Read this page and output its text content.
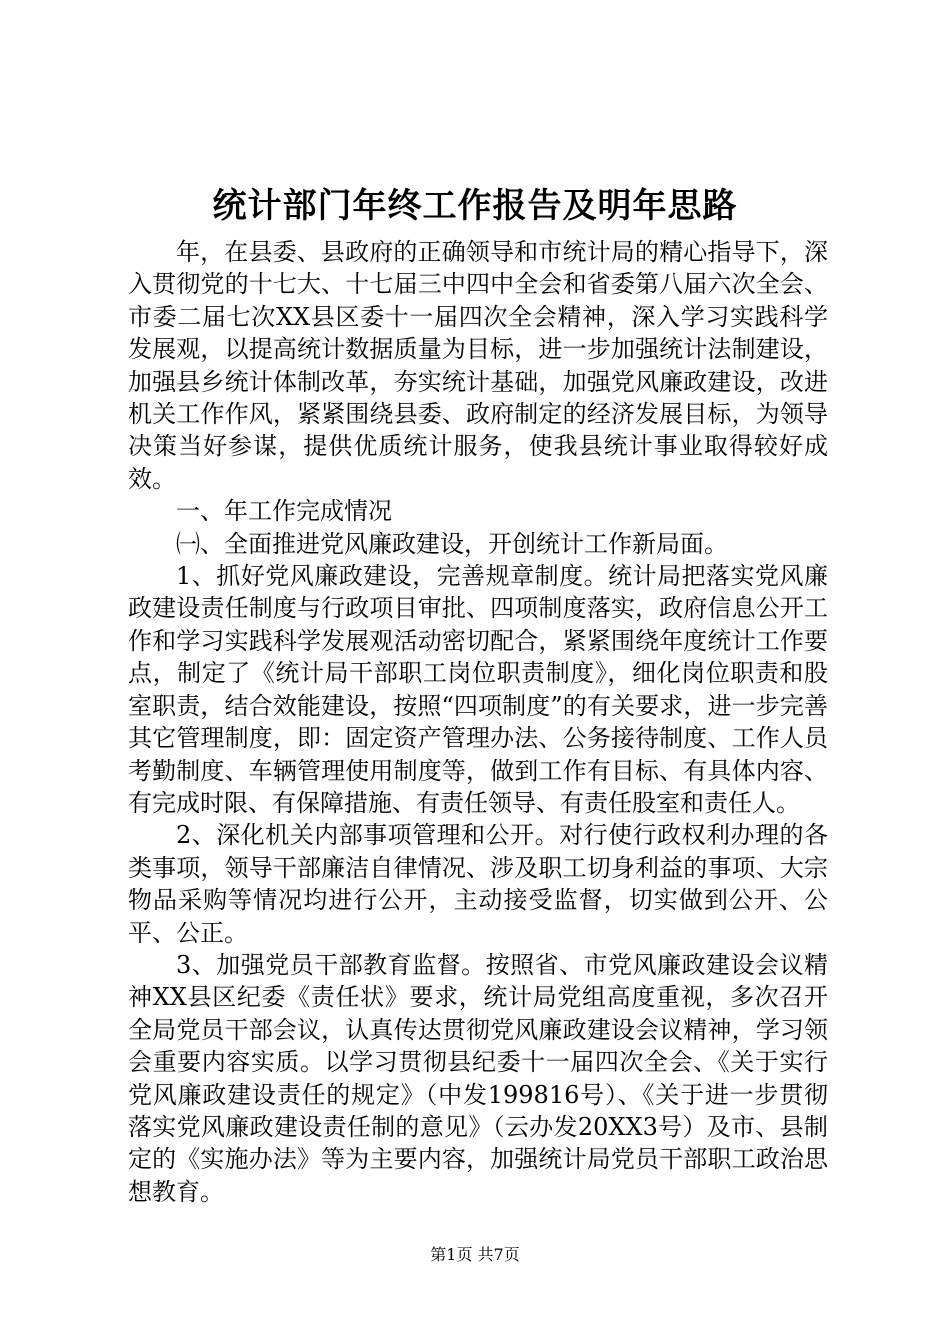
统计部门年终工作报告及明年思路

年，在县委、县政府的正确领导和市统计局的精心指导下，深入贯彻党的十七大、十七届三中四中全会和省委第八届六次全会、市委二届七次XX县区委十一届四次全会精神，深入学习实践科学发展观，以提高统计数据质量为目标，进一步加强统计法制建设，加强县乡统计体制改革，夯实统计基础，加强党风廉政建设，改进机关工作作风，紧紧围绕县委、政府制定的经济发展目标，为领导决策当好参谋，提供优质统计服务，使我县统计事业取得较好成效。

一、年工作完成情况

㈠、全面推进党风廉政建设，开创统计工作新局面。

1、抓好党风廉政建设，完善规章制度。统计局把落实党风廉政建设责任制度与行政项目审批、四项制度落实，政府信息公开工作和学习实践科学发展观活动密切配合，紧紧围绕年度统计工作要点，制定了《统计局干部职工岗位职责制度》，细化岗位职责和股室职责，结合效能建设，按照“四项制度”的有关要求，进一步完善其它管理制度，即：固定资产管理办法、公务接待制度、工作人员考勤制度、车辆管理使用制度等，做到工作有目标、有具体内容、有完成时限、有保障措施、有责任领导、有责任股室和责任人。

2、深化机关内部事项管理和公开。对行使行政权利办理的各类事项，领导干部廉洁自律情况、涉及职工切身利益的事项、大宗物品采购等情况均进行公开，主动接受监督，切实做到公开、公平、公正。

3、加强党员干部教育监督。按照省、市党风廉政建设会议精神XX县区纪委《责任状》要求，统计局党组高度重视，多次召开全局党员干部会议，认真传达贯彻党风廉政建设会议精神，学习领会重要内容实质。以学习贯彻县纪委十一届四次全会、《关于实行党风廉政建设责任的规定》（中发199816号）、《关于进一步贯彻落实党风廉政建设责任制的意见》（云办发20XX3号）及市、县制定的《实施办法》等为主要内容，加强统计局党员干部职工政治思想教育。

第1页 共7页
